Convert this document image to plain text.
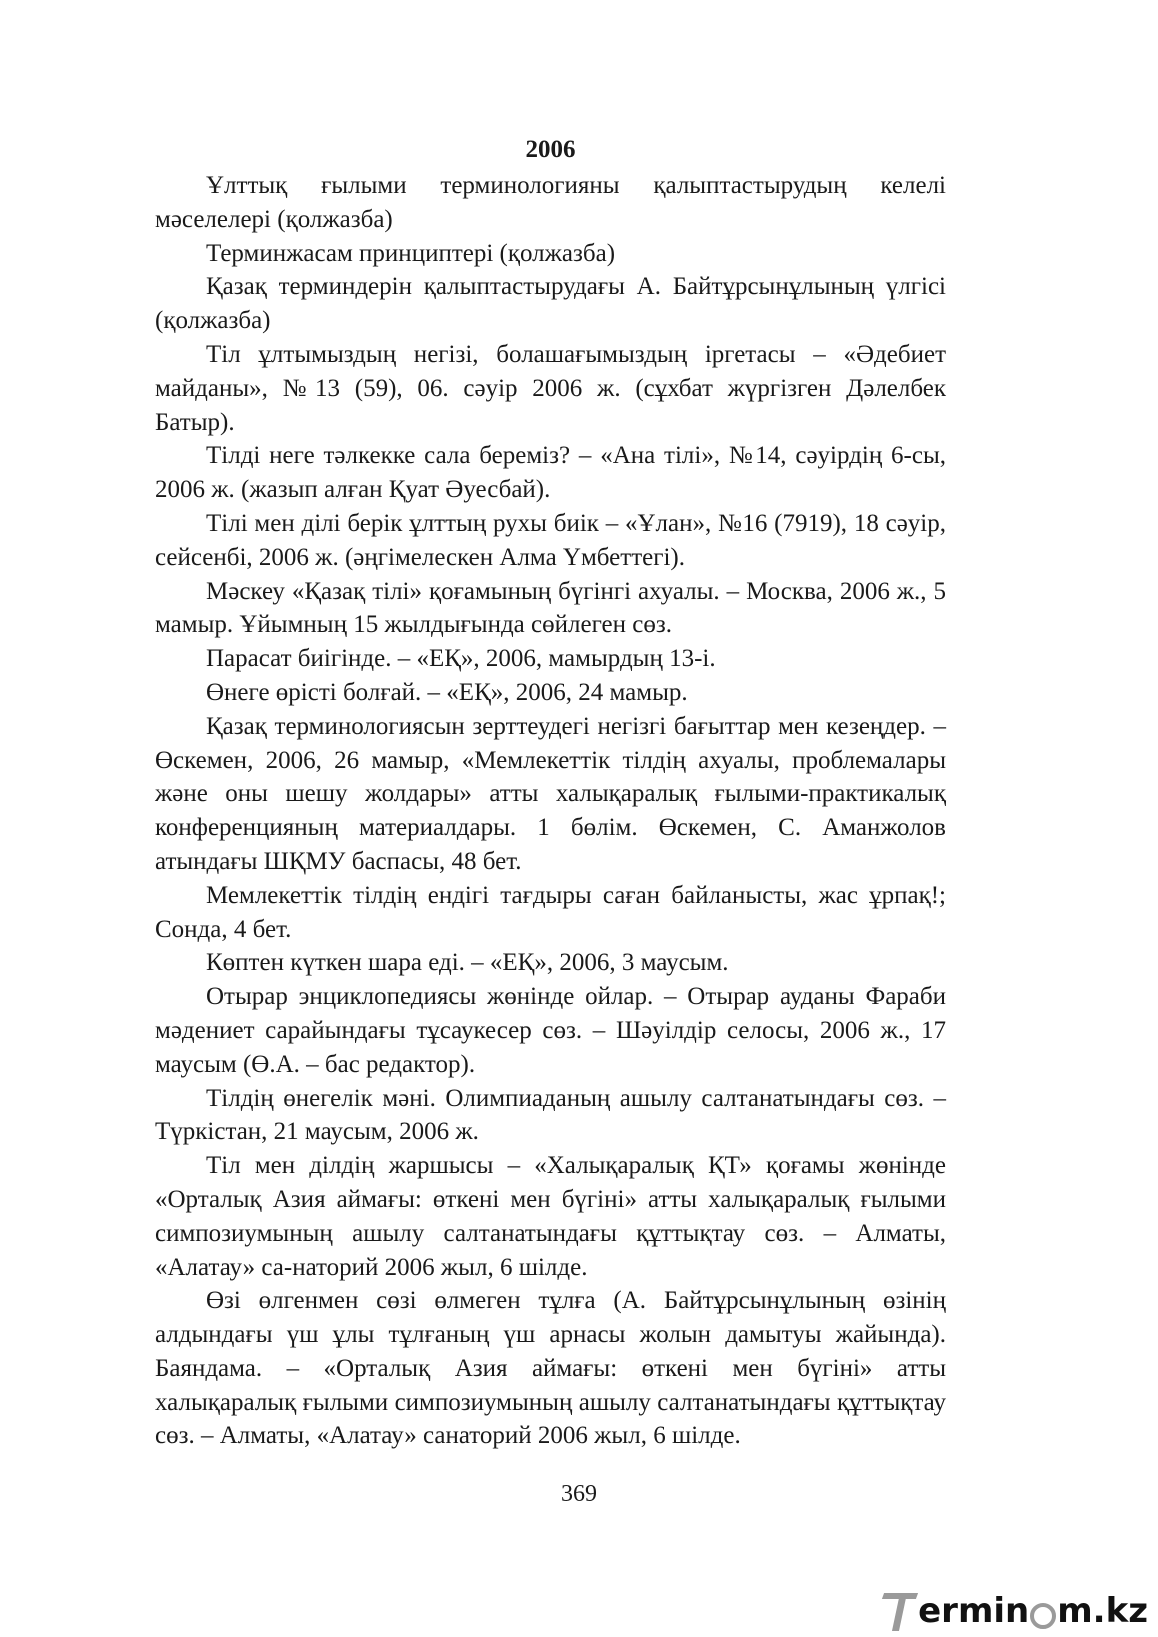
2006

Ұлттық ғылыми терминологияны қалыптастырудың келелі мәселелері (қолжазба)

Терминжасам принциптері (қолжазба)

Қазақ терминдерін қалыптастырудағы А. Байтұрсынұлының үлгісі (қолжазба)

Тіл ұлтымыздың негізі, болашағымыздың іргетасы – «Әдебиет майданы», №13 (59), 06. сәуір 2006 ж. (сұхбат жүргізген Дәлелбек Батыр).

Тілді неге тәлкекке сала береміз? – «Ана тілі», №14, сәуірдің 6-сы, 2006 ж. (жазып алған Қуат Әуесбай).

Тілі мен ділі берік ұлттың рухы биік – «Ұлан», №16 (7919), 18 сәуір, сейсенбі, 2006 ж. (әңгімелескен Алма Үмбеттегі).

Мәскеу «Қазақ тілі» қоғамының бүгінгі ахуалы. – Москва, 2006 ж., 5 мамыр. Ұйымның 15 жылдығында сөйлеген сөз.

Парасат биігінде. – «ЕҚ», 2006, мамырдың 13-і.

Өнеге өрісті болғай. – «ЕҚ», 2006, 24 мамыр.

Қазақ терминологиясын зерттеудегі негізгі бағыттар мен кезеңдер. – Өскемен, 2006, 26 мамыр, «Мемлекеттік тілдің ахуалы, проблемалары және оны шешу жолдары» атты халықаралық ғылыми-практикалық конференцияның материалдары. 1 бөлім. Өскемен, С. Аманжолов атындағы ШҚМУ баспасы, 48 бет.

Мемлекеттік тілдің ендігі тағдыры саған байланысты, жас ұрпақ!; Сонда, 4 бет.

Көптен күткен шара еді. – «ЕҚ», 2006, 3 маусым.

Отырар энциклопедиясы жөнінде ойлар. – Отырар ауданы Фараби мәдениет сарайындағы тұсаукесер сөз. – Шәуілдір селосы, 2006 ж., 17 маусым (Ө.А. – бас редактор).

Тілдің өнегелік мәні. Олимпиаданың ашылу салтанатындағы сөз. – Түркістан, 21 маусым, 2006 ж.

Тіл мен ділдің жаршысы – «Халықаралық ҚТ» қоғамы жөнінде «Орталық Азия аймағы: өткені мен бүгіні» атты халықаралық ғылыми симпозиумының ашылу салтанатындағы құттықтау сөз. – Алматы, «Алатау» са-наторий 2006 жыл, 6 шілде.

Өзі өлгенмен сөзі өлмеген тұлға (А. Байтұрсынұлының өзінің алдындағы үш ұлы тұлғаның үш арнасы жолын дамытуы жайында). Баяндама. – «Орталық Азия аймағы: өткені мен бүгіні» атты халықаралық ғылыми симпозиумының ашылу салтанатындағы құттықтау сөз. – Алматы, «Алатау» санаторий 2006 жыл, 6 шілде.

369
ermin m.kz
